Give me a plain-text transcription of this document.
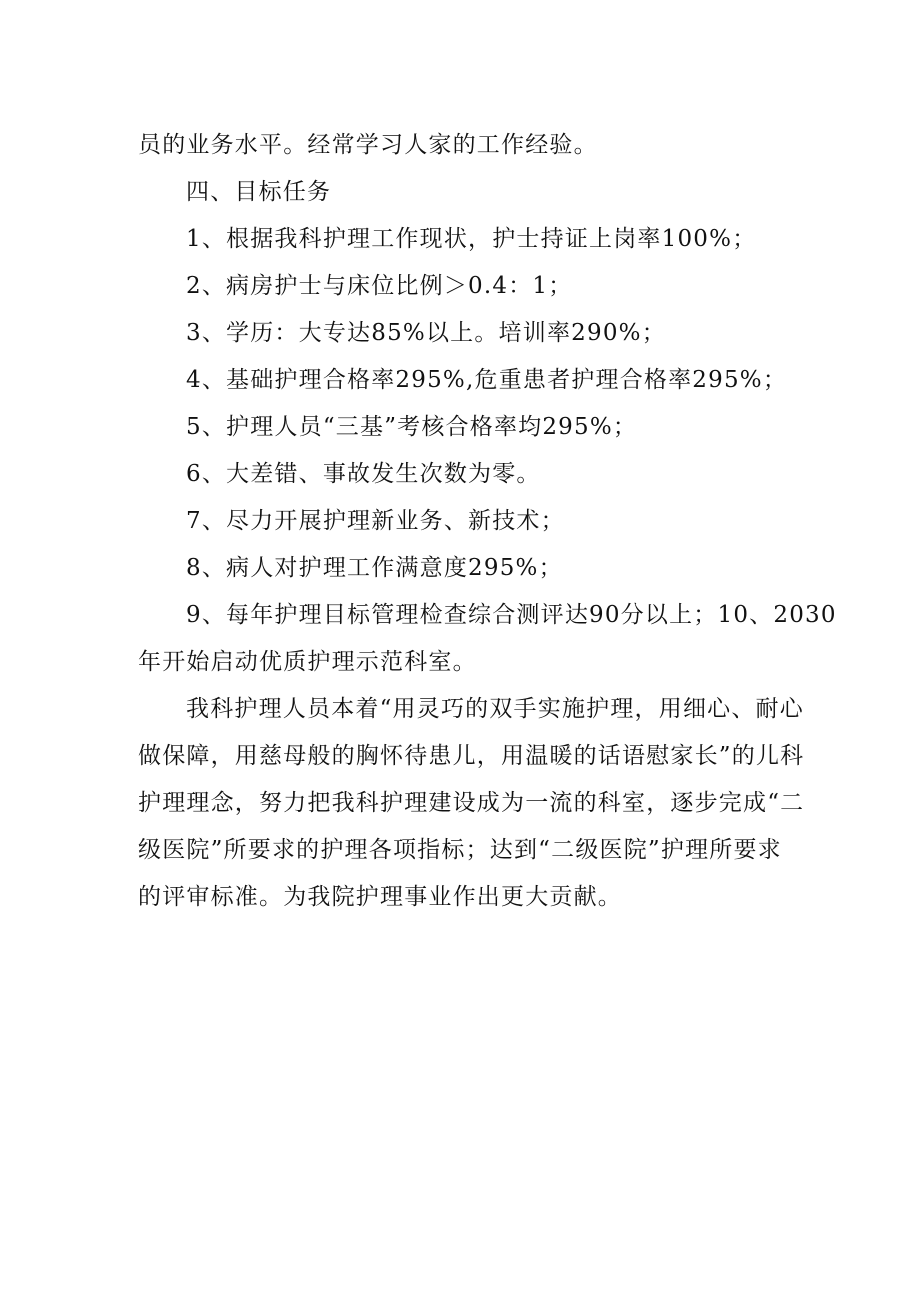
员的业务水平。经常学习人家的工作经验。
四、目标任务
1、根据我科护理工作现状，护士持证上岗率100%；
2、病房护士与床位比例＞0.4：1；
3、学历：大专达85%以上。培训率290%；
4、基础护理合格率295%,危重患者护理合格率295%；
5、护理人员“三基”考核合格率均295%；
6、大差错、事故发生次数为零。
7、尽力开展护理新业务、新技术；
8、病人对护理工作满意度295%；
9、每年护理目标管理检查综合测评达90分以上；10、2030
年开始启动优质护理示范科室。
我科护理人员本着“用灵巧的双手实施护理，用细心、耐心
做保障，用慈母般的胸怀待患儿，用温暖的话语慰家长”的儿科
护理理念，努力把我科护理建设成为一流的科室，逐步完成“二
级医院”所要求的护理各项指标；达到“二级医院”护理所要求
的评审标准。为我院护理事业作出更大贡献。
